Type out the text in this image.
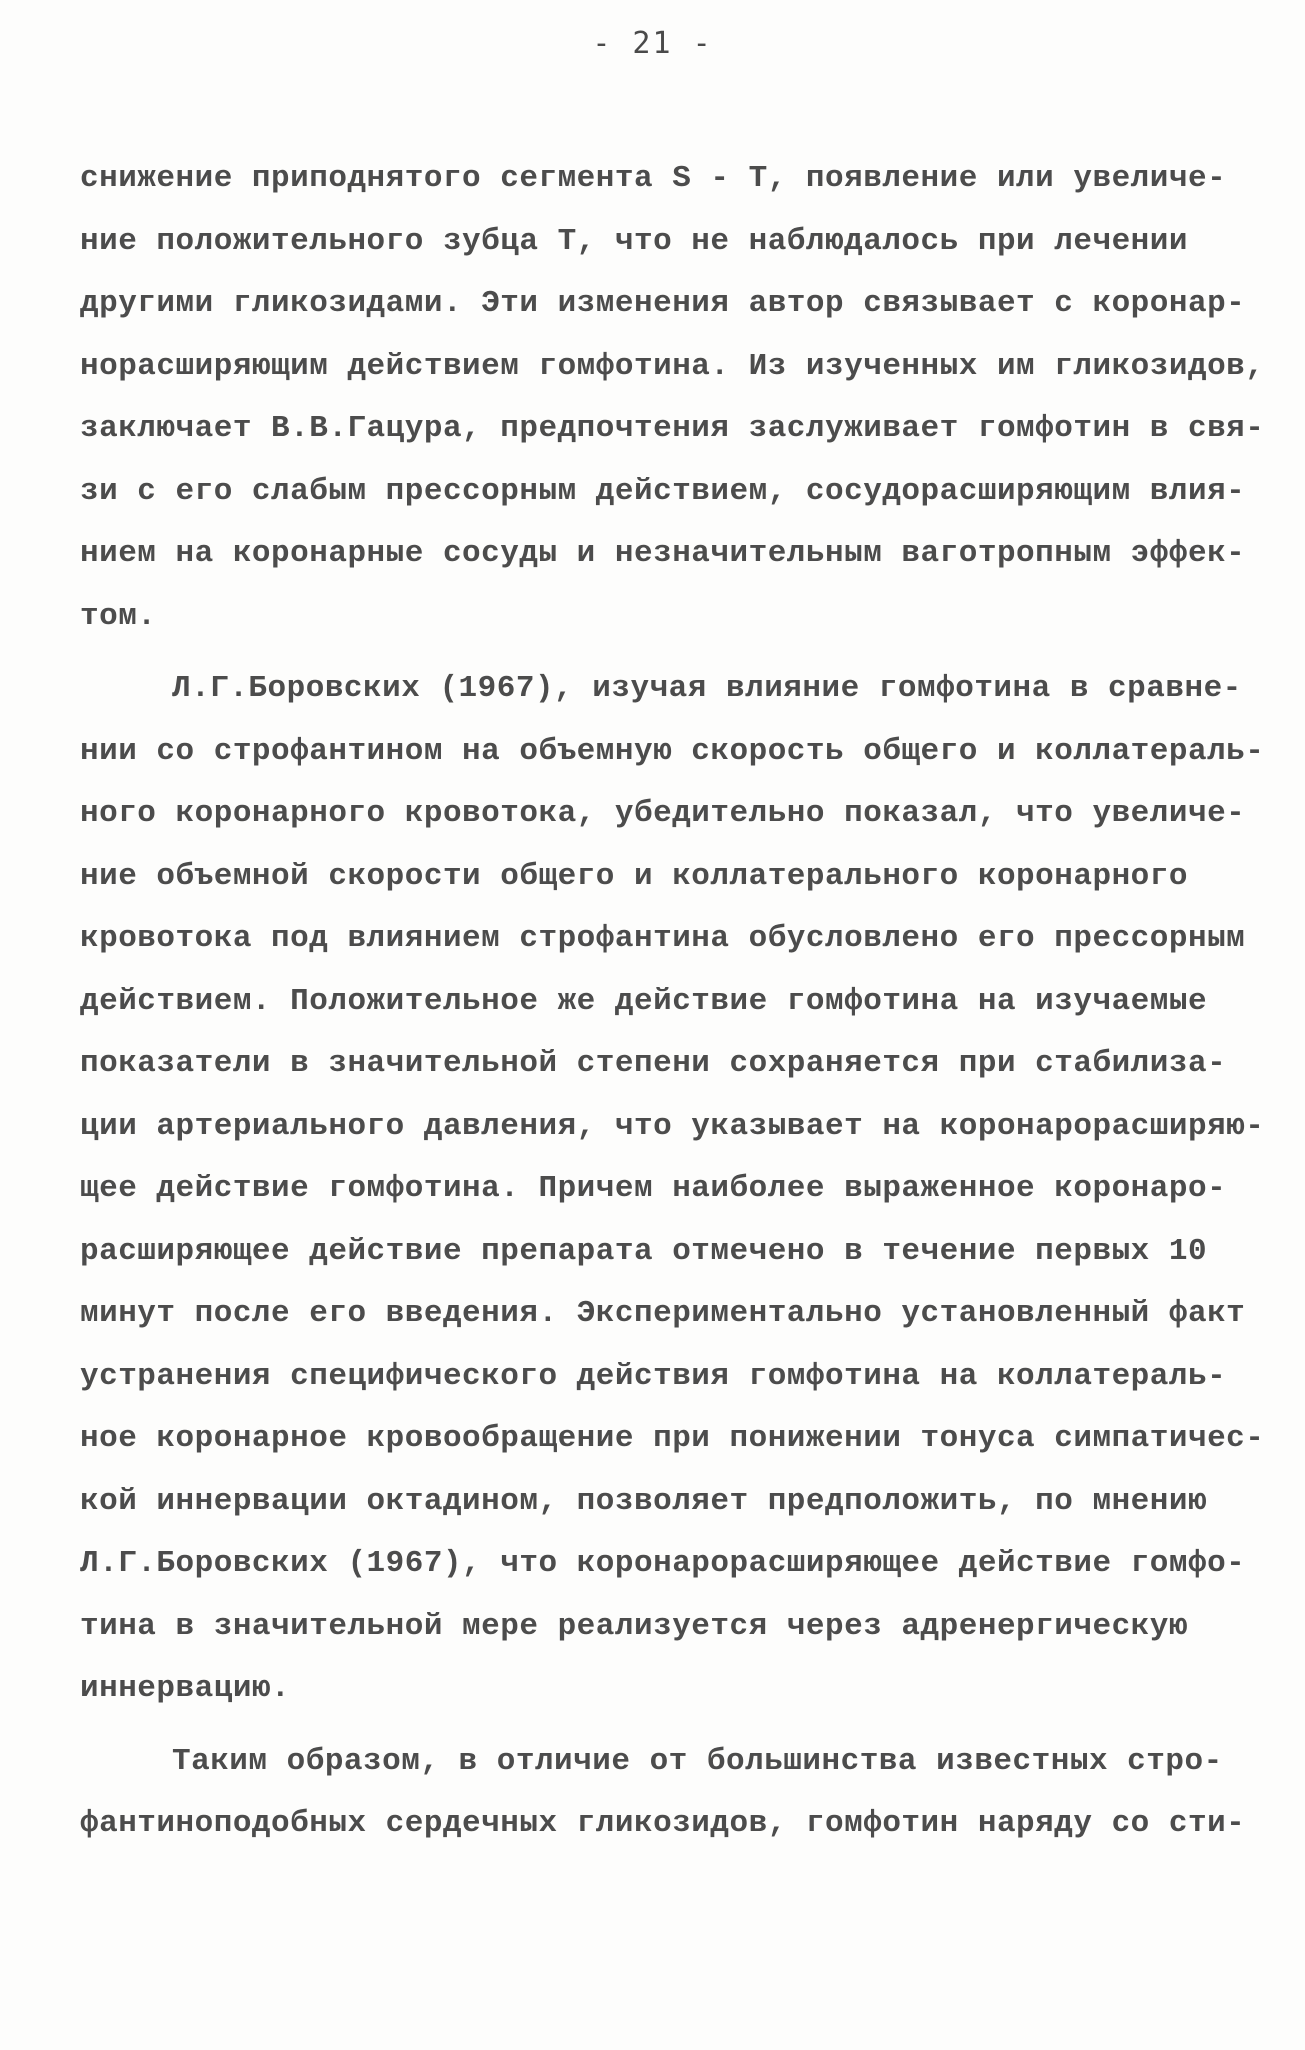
- 21 -
снижение приподнятого сегмента Ѕ - Т, появление или увеличе-
ние положительного зубца Т, что не наблюдалось при лечении
другими гликозидами. Эти изменения автор связывает с коронар-
норасширяющим действием гомфотина. Из изученных им гликозидов,
заключает В.В.Гацура, предпочтения заслуживает гомфотин в свя-
зи с его слабым прессорным действием, сосудорасширяющим влия-
нием на коронарные сосуды и незначительным ваготропным эффек-
том.
Л.Г.Боровских (1967), изучая влияние гомфотина в сравне-
нии со строфантином на объемную скорость общего и коллатераль-
ного коронарного кровотока, убедительно показал, что увеличе-
ние объемной скорости общего и коллатерального коронарного
кровотока под влиянием строфантина обусловлено его прессорным
действием. Положительное же действие гомфотина на изучаемые
показатели в значительной степени сохраняется при стабилиза-
ции артериального давления, что указывает на коронарорасширяю-
щее действие гомфотина. Причем наиболее выраженное коронаро-
расширяющее действие препарата отмечено в течение первых 10
минут после его введения. Экспериментально установленный факт
устранения специфического действия гомфотина на коллатераль-
ное коронарное кровообращение при понижении тонуса симпатичес-
кой иннервации октадином, позволяет предположить, по мнению
Л.Г.Боровских (1967), что коронарорасширяющее действие гомфо-
тина в значительной мере реализуется через адренергическую
иннервацию.
Таким образом, в отличие от большинства известных стро-
фантиноподобных сердечных гликозидов, гомфотин наряду со сти-
